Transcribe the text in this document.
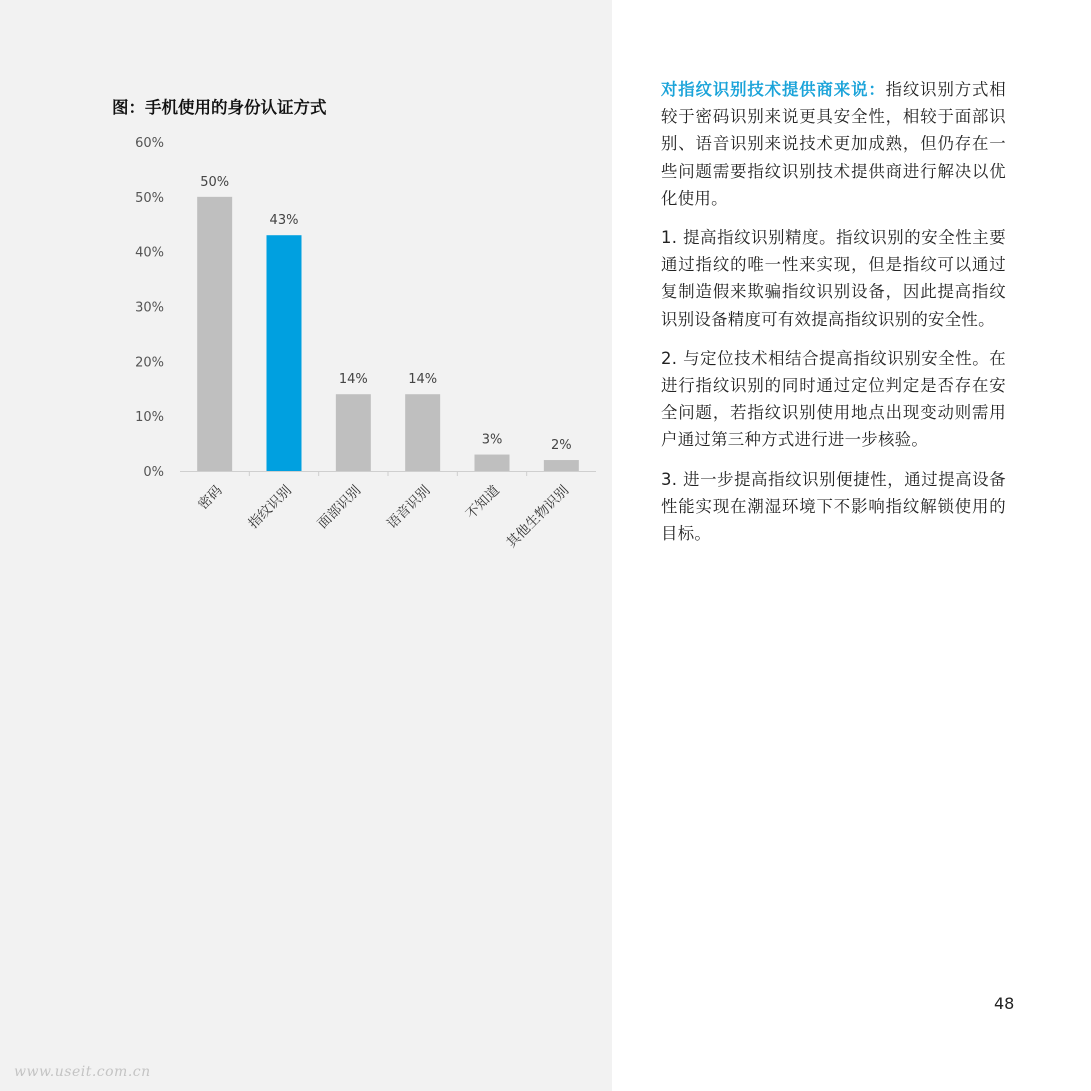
图：手机使用的身份认证方式
0%
10%
20%
30%
40%
50%
60%
50%
密码
43%
指纹识别
14%
面部识别
14%
语音识别
3%
不知道
2%
其他生物识别

对指纹识别技术提供商来说：指纹识别方式相较于密码识别来说更具安全性，相较于面部识别、语音识别来说技术更加成熟，但仍存在一些问题需要指纹识别技术提供商进行解决以优化使用。

1. 提高指纹识别精度。指纹识别的安全性主要通过指纹的唯一性来实现，但是指纹可以通过复制造假来欺骗指纹识别设备，因此提高指纹识别设备精度可有效提高指纹识别的安全性。

2. 与定位技术相结合提高指纹识别安全性。在进行指纹识别的同时通过定位判定是否存在安全问题，若指纹识别使用地点出现变动则需用户通过第三种方式进行进一步核验。

3. 进一步提高指纹识别便捷性，通过提高设备性能实现在潮湿环境下不影响指纹解锁使用的目标。

48
www.useit.com.cn
